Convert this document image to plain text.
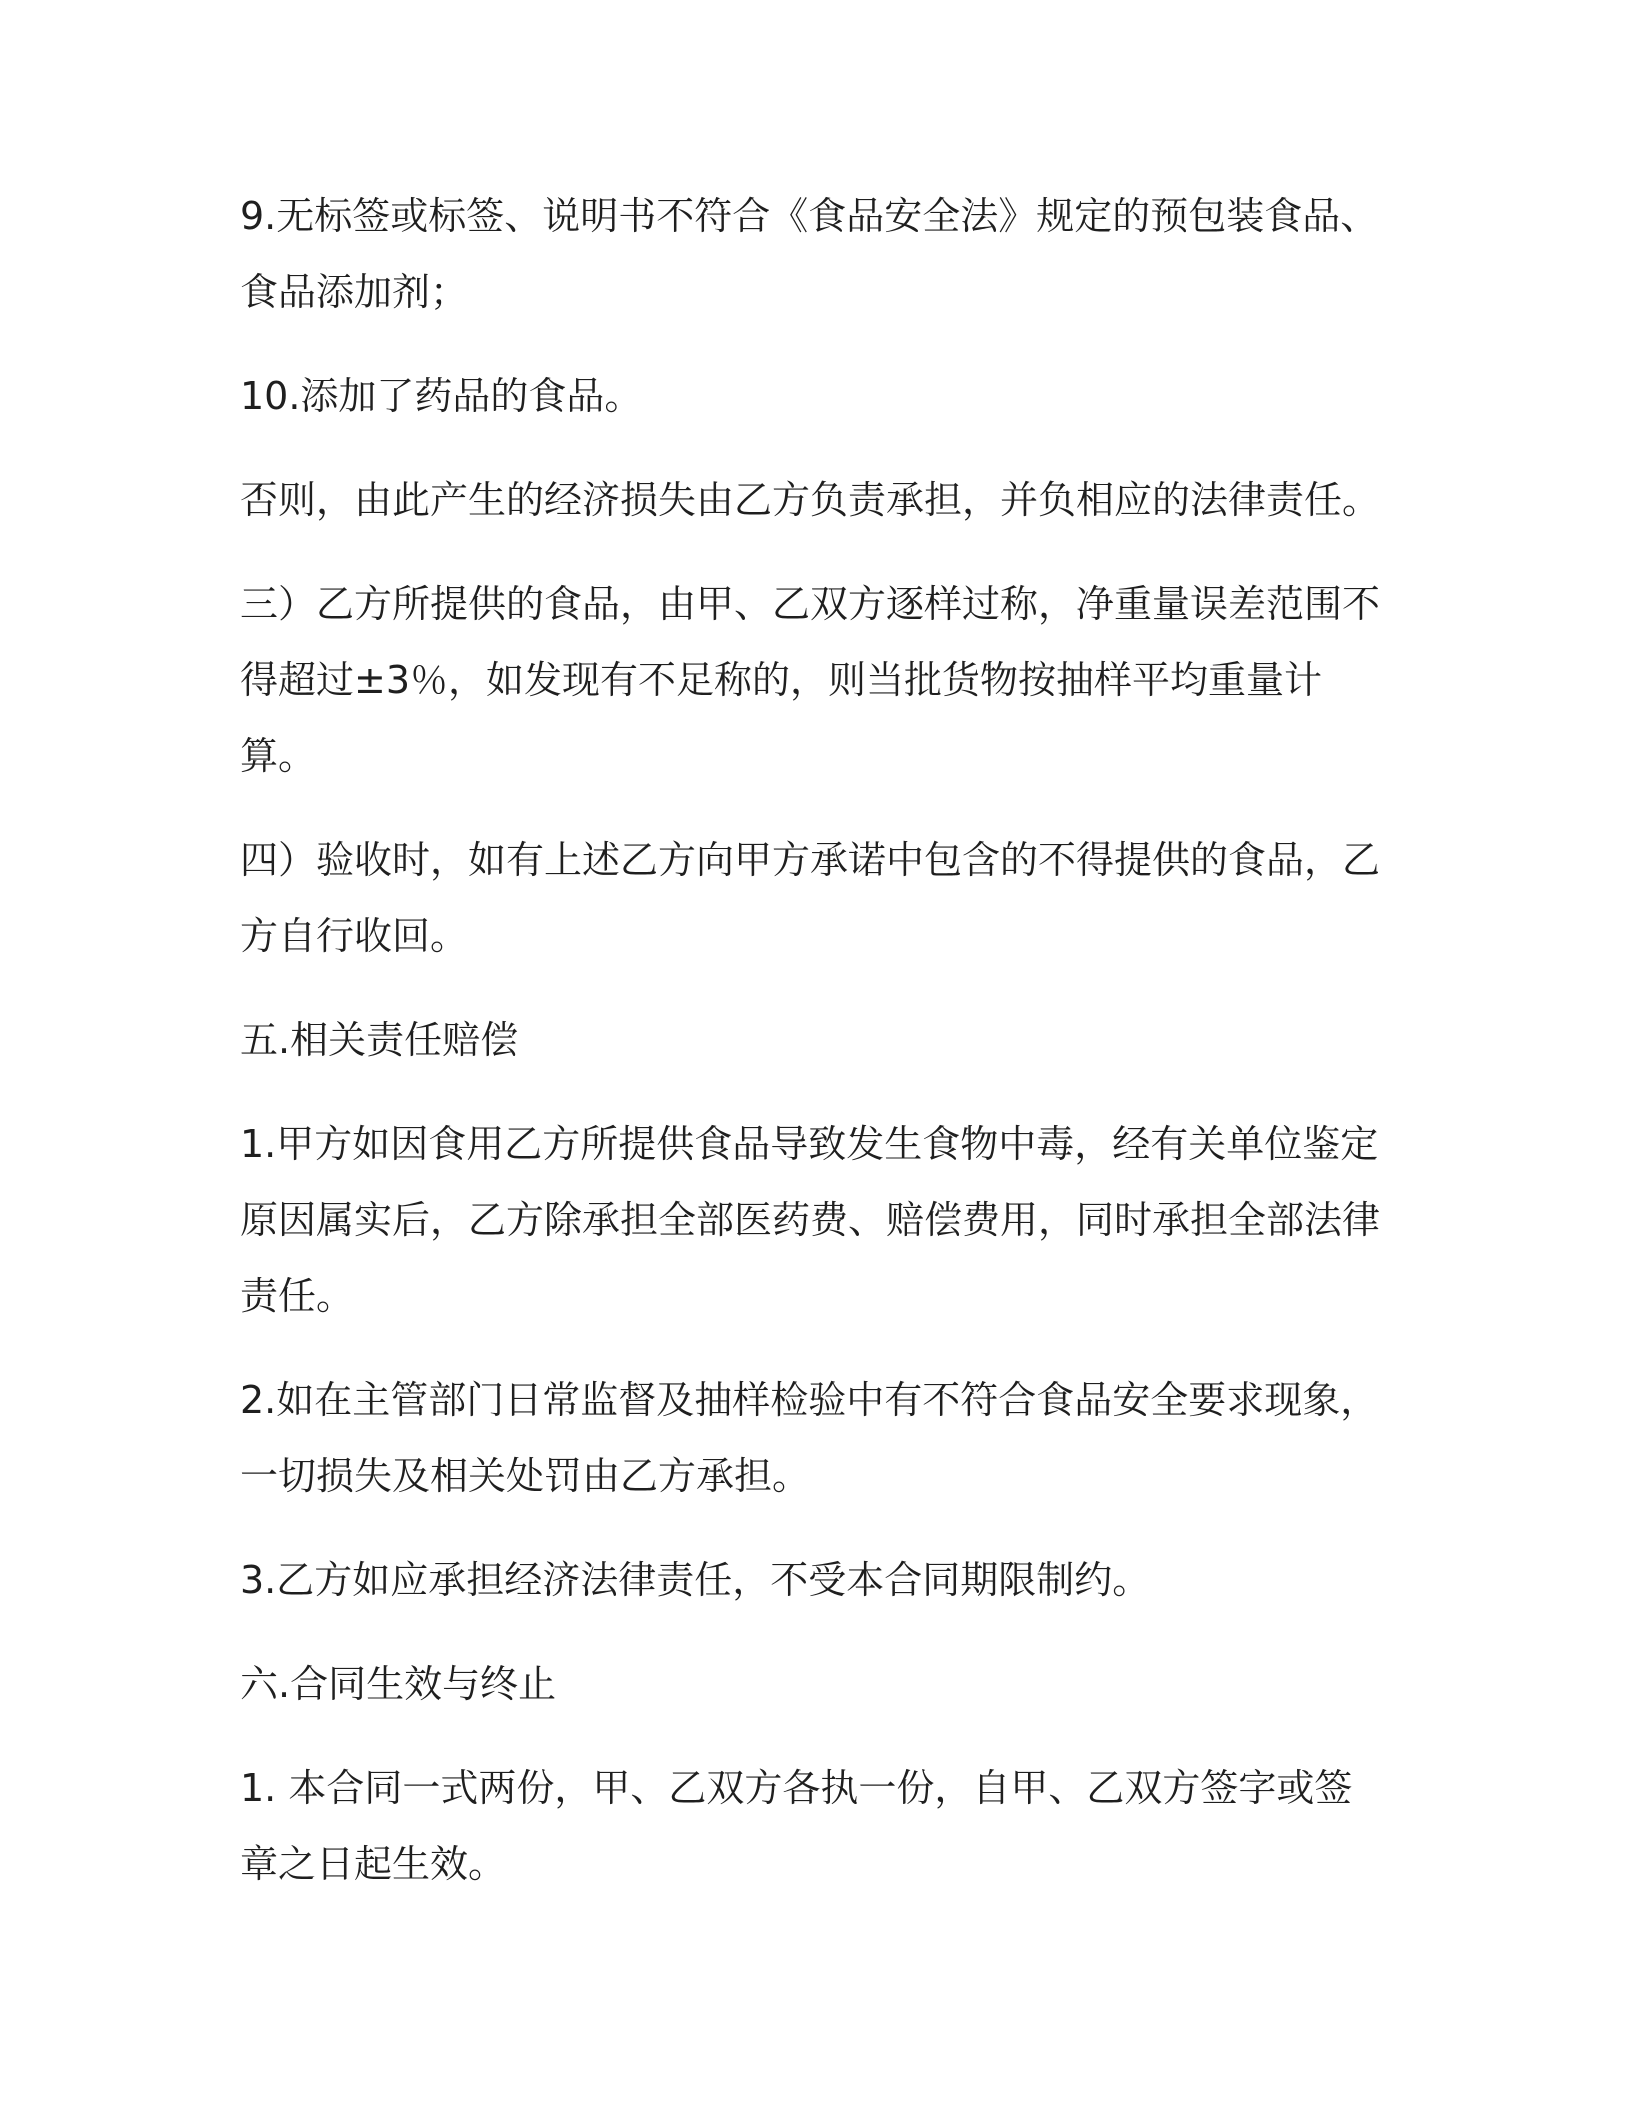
9.无标签或标签、说明书不符合《食品安全法》规定的预包装食品、食品添加剂；

10.添加了药品的食品。

否则，由此产生的经济损失由乙方负责承担，并负相应的法律责任。

三）乙方所提供的食品，由甲、乙双方逐样过称，净重量误差范围不得超过±3％，如发现有不足称的，则当批货物按抽样平均重量计算。

四）验收时，如有上述乙方向甲方承诺中包含的不得提供的食品，乙方自行收回。

五.相关责任赔偿

1.甲方如因食用乙方所提供食品导致发生食物中毒，经有关单位鉴定原因属实后，乙方除承担全部医药费、赔偿费用，同时承担全部法律责任。

2.如在主管部门日常监督及抽样检验中有不符合食品安全要求现象，一切损失及相关处罚由乙方承担。

3.乙方如应承担经济法律责任，不受本合同期限制约。

六.合同生效与终止

1. 本合同一式两份，甲、乙双方各执一份，自甲、乙双方签字或签章之日起生效。
